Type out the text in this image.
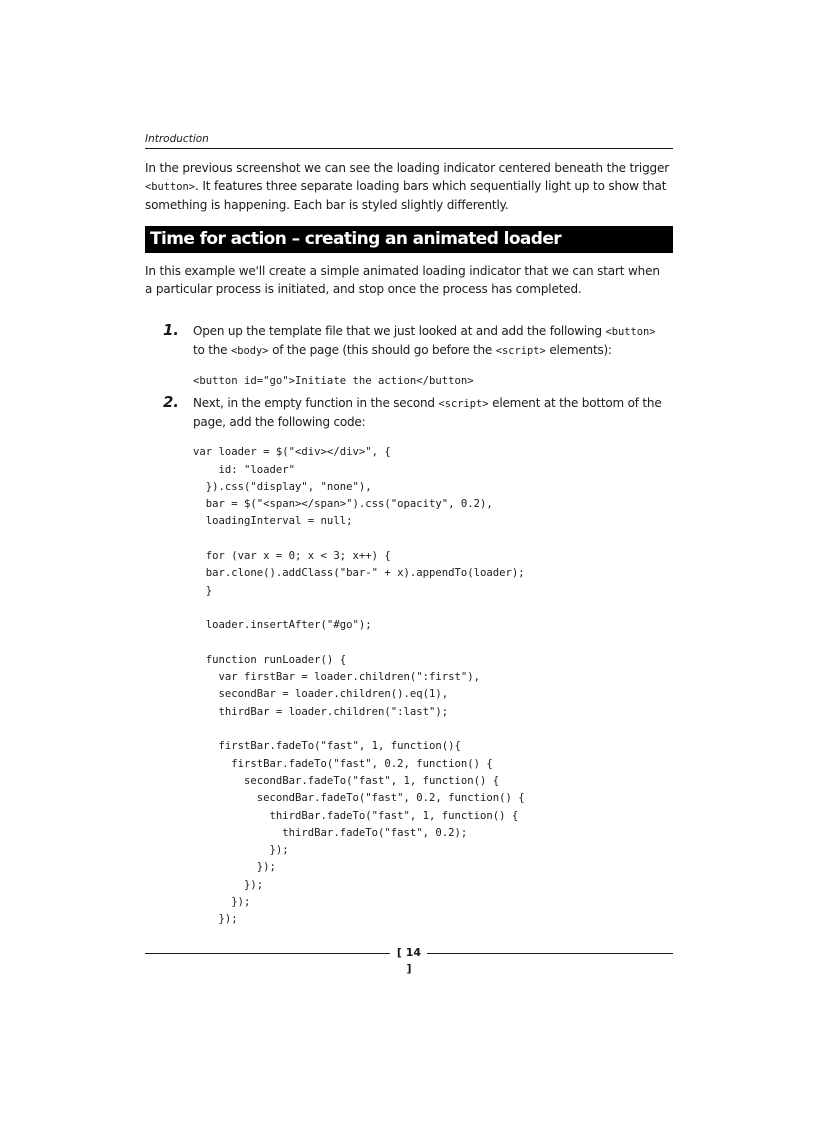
Introduction

In the previous screenshot we can see the loading indicator centered beneath the trigger <button>. It features three separate loading bars which sequentially light up to show that something is happening. Each bar is styled slightly differently.

Time for action – creating an animated loader

In this example we'll create a simple animated loading indicator that we can start when
a particular process is initiated, and stop once the process has completed.

1. Open up the template file that we just looked at and add the following <button>
to the <body> of the page (this should go before the <script> elements):
<button id="go">Initiate the action</button>
2. Next, in the empty function in the second <script> element at the bottom of the page, add the following code:
var loader = $("<div></div>", {
id: "loader"
}).css("display", "none"),
bar = $("<span></span>").css("opacity", 0.2),
loadingInterval = null;

for (var x = 0; x < 3; x++) {
bar.clone().addClass("bar-" + x).appendTo(loader);
}

loader.insertAfter("#go");

function runLoader() {
var firstBar = loader.children(":first"),
secondBar = loader.children().eq(1),
thirdBar = loader.children(":last");

firstBar.fadeTo("fast", 1, function(){
firstBar.fadeTo("fast", 0.2, function() {
secondBar.fadeTo("fast", 1, function() {
secondBar.fadeTo("fast", 0.2, function() {
thirdBar.fadeTo("fast", 1, function() {
thirdBar.fadeTo("fast", 0.2);
});
});
});
});
});
[ 14 ]
